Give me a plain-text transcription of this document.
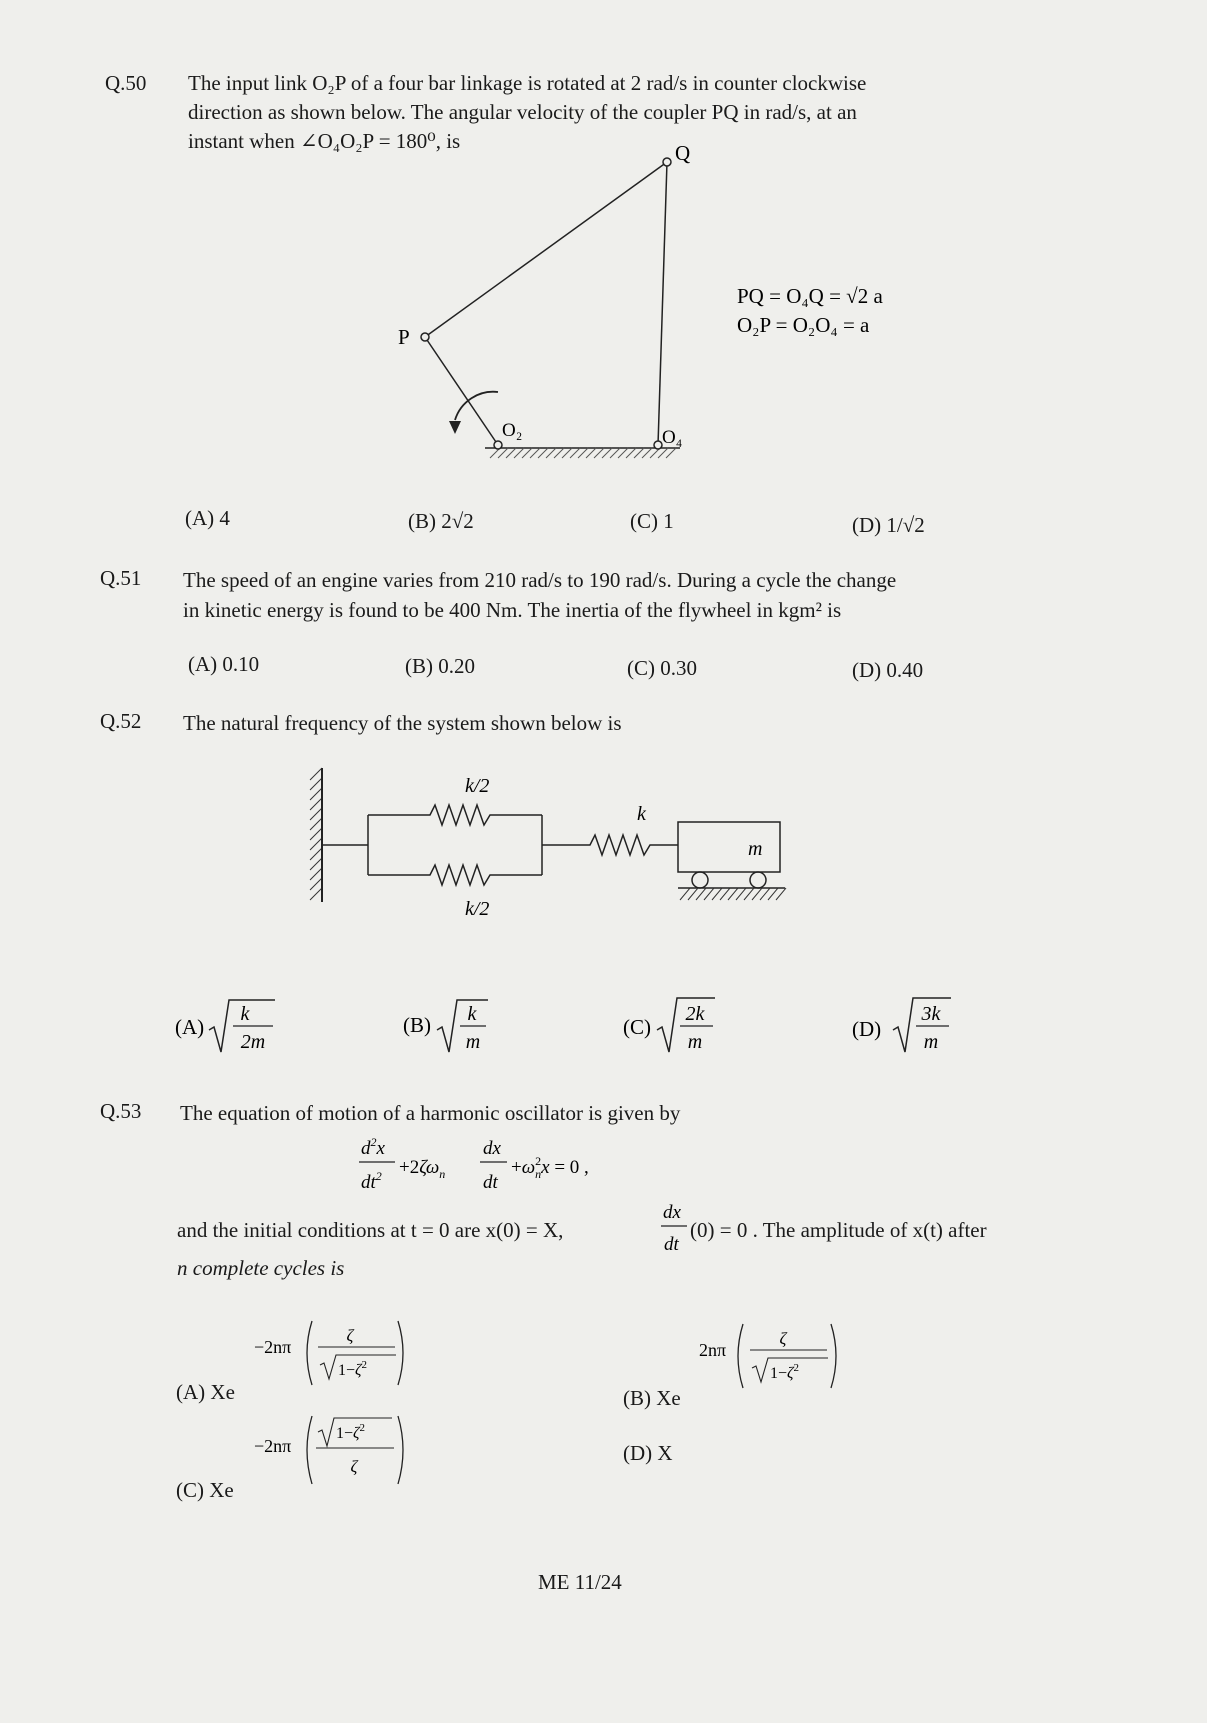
Q.50 The input link O₂P of a four bar linkage is rotated at 2 rad/s in counter clockwise
direction as shown below. The angular velocity of the coupler PQ in rad/s, at an
instant when ∠O₄O₂P = 180⁰, is	Q
P
O₂	O₄
PQ = O₄Q = √2 a
O₂P = O₂O₄ = a
(A) 4	(B) 2√2	(C) 1	(D) 1/√2
Q.51 The speed of an engine varies from 210 rad/s to 190 rad/s. During a cycle the change
in kinetic energy is found to be 400 Nm. The inertia of the flywheel in kgm² is
(A) 0.10	(B) 0.20	(C) 0.30	(D) 0.40
Q.52 The natural frequency of the system shown below is
k/2
k/2
k
m
(A)
k
2m
(B) k
m
(C)
2k
m
(D)
3k
m
Q.53 The equation of motion of a harmonic oscillator is given by
$d^2x$
$dt^2 +2\zeta\omega_n$
dx
dt
$+\omega^2$ nx = 0 ,
and the initial conditions at t = 0 are x(0) = X,
dx
dt
(0) = 0 . The amplitude of x(t) after
n complete cycles is
(A) Xe
−2nπ
ζ
$1-\zeta^2$
(B) Xe
2nπ
ζ
$1-\zeta^2$
(C) Xe
−2nπ
$1-\zeta^2$
ζ
(D) X
ME 11/24
